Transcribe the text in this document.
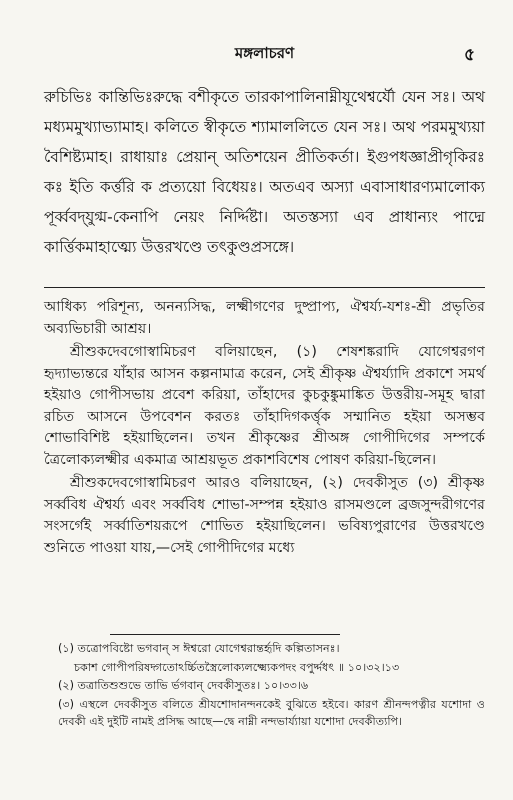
মঙ্গলাচরণ	৫

রুচিভিঃ কান্তিভিঃরুদ্ধে বশীকৃতে তারকাপালিনাম্নীযূথেশ্বর্যৌ যেন সঃ। অথ মধ্যমমুখ্যাভ্যামাহ। কলিতে স্বীকৃতে শ্যামাললিতে যেন সঃ। অথ পরমমুখ্যয়া বৈশিষ্ট্যমাহ। রাধায়াঃ প্রেয়ান্ অতিশয়েন প্রীতিকর্তা। ইগুপধজ্ঞাপ্রীগৃকিরঃ কঃ ইতি কর্ত্তরি ক প্রত্যয়ো বিধেয়ঃ। অতএব অস্যা এবাসাধারণ্যমালোক্য পূর্ব্ববদ্‌যুগ্ম-কেনাপি নেয়ং নির্দ্দিষ্টা। অতস্তস্যা এব প্রাধান্যং পাদ্মে কার্ত্তিকমাহাত্ম্যে উত্তরখণ্ডে তৎকুণ্ডপ্রসঙ্গে।

আধিক্য পরিশূন্য, অনন্যসিদ্ধ, লক্ষ্মীগণের দুষ্প্রাপ্য, ঐশ্বর্য্য-যশঃ-শ্রী প্রভৃতির অব্যভিচারী আশ্রয়।

শ্রীশুকদেবগোস্বামিচরণ বলিয়াছেন, (১) শেষশঙ্করাদি যোগেশ্বরগণ হৃদ্যাভ্যন্তরে যাঁহার আসন কল্পনামাত্র করেন, সেই শ্রীকৃষ্ণ ঐশ্বর্য্যাদি প্রকাশে সমর্থ হইয়াও গোপীসভায় প্রবেশ করিয়া, তাঁহাদের কুচকুঙ্কুমাঙ্কিত উত্তরীয়-সমূহ দ্বারা রচিত আসনে উপবেশন করতঃ তাঁহাদিগকর্ত্তৃক সম্মানিত হইয়া অসম্ভব শোভাবিশিষ্ট হইয়াছিলেন। তখন শ্রীকৃষ্ণের শ্রীঅঙ্গ গোপীদিগের সম্পর্কে ত্রৈলোক্যলক্ষ্মীর একমাত্র আশ্রয়ভূত প্রকাশবিশেষ পোষণ করিয়া-ছিলেন।

শ্রীশুকদেবগোস্বামিচরণ আরও বলিয়াছেন, (২) দেবকীসুত (৩) শ্রীকৃষ্ণ সর্ব্ববিধ ঐশ্বর্য্য এবং সর্ব্ববিধ শোভা-সম্পন্ন হইয়াও রাসমণ্ডলে ব্রজসুন্দরীগণের সংসর্গেই সর্ব্বাতিশয়রূপে শোভিত হইয়াছিলেন। ভবিষ্যপুরাণের উত্তরখণ্ডে শুনিতে পাওয়া যায়,—সেই গোপীদিগের মধ্যে

(১) তত্রোপবিষ্টো ভগবান্ স ঈশ্বরো যোগেশ্বরান্তর্হৃদি কল্পিতাসনঃ।

চকাশ গোপীপরিষদ্গতোঽর্চ্চিতস্ত্রৈলোক্যলক্ষ্ম্যেকপদং বপুর্দ্দধৎ ॥ ১০।৩২।১৩

(২) তত্রাতিশুশুভে তাভি র্ভগবান্ দেবকীসুতঃ। ১০।৩৩।৬

(৩) এস্থলে দেবকীসুত বলিতে শ্রীযশোদানন্দনকেই বুঝিতে হইবে। কারণ শ্রীনন্দপত্নীর যশোদা ও দেবকী এই দুইটি নামই প্রসিদ্ধ আছে—দ্বে নাম্নী নন্দভার্য্যায়া যশোদা দেবকীত্যপি।
